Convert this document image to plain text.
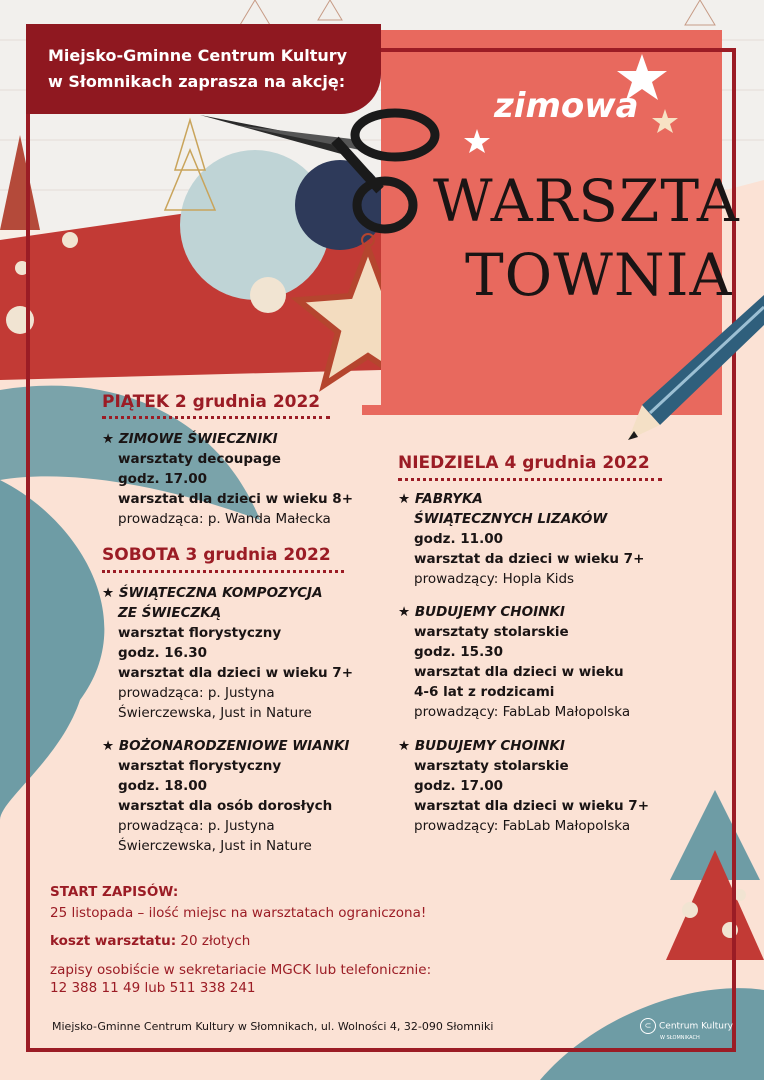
Miejsko-Gminne Centrum Kultury
w Słomnikach zaprasza na akcję:
zimowa
WARSZTA
TOWNIA
PIĄTEK 2 grudnia 2022
★ ZIMOWE ŚWIECZNIKI
warsztaty decoupage
godz. 17.00
warsztat dla dzieci w wieku 8+
prowadząca: p. Wanda Małecka
SOBOTA 3 grudnia 2022
★ ŚWIĄTECZNA KOMPOZYCJA
ZE ŚWIECZKĄ
warsztat florystyczny
godz. 16.30
warsztat dla dzieci w wieku 7+
prowadząca: p. Justyna
Świerczewska, Just in Nature
★ BOŻONARODZENIOWE WIANKI
warsztat florystyczny
godz. 18.00
warsztat dla osób dorosłych
prowadząca: p. Justyna
Świerczewska, Just in Nature
NIEDZIELA 4 grudnia 2022
★ FABRYKA
ŚWIĄTECZNYCH LIZAKÓW
godz. 11.00
warsztat da dzieci w wieku 7+
prowadzący: Hopla Kids
★ BUDUJEMY CHOINKI
warsztaty stolarskie
godz. 15.30
warsztat dla dzieci w wieku
4-6 lat z rodzicami
prowadzący: FabLab Małopolska
★ BUDUJEMY CHOINKI
warsztaty stolarskie
godz. 17.00
warsztat dla dzieci w wieku 7+
prowadzący: FabLab Małopolska
START ZAPISÓW:
25 listopada – ilość miejsc na warsztatach ograniczona!
koszt warsztatu: 20 złotych
zapisy osobiście w sekretariacie MGCK lub telefonicznie:
12 388 11 49 lub 511 338 241
Miejsko-Gminne Centrum Kultury w Słomnikach, ul. Wolności 4, 32-090 Słomniki	⊂ Centrum Kultury
W SŁOMNIKACH
